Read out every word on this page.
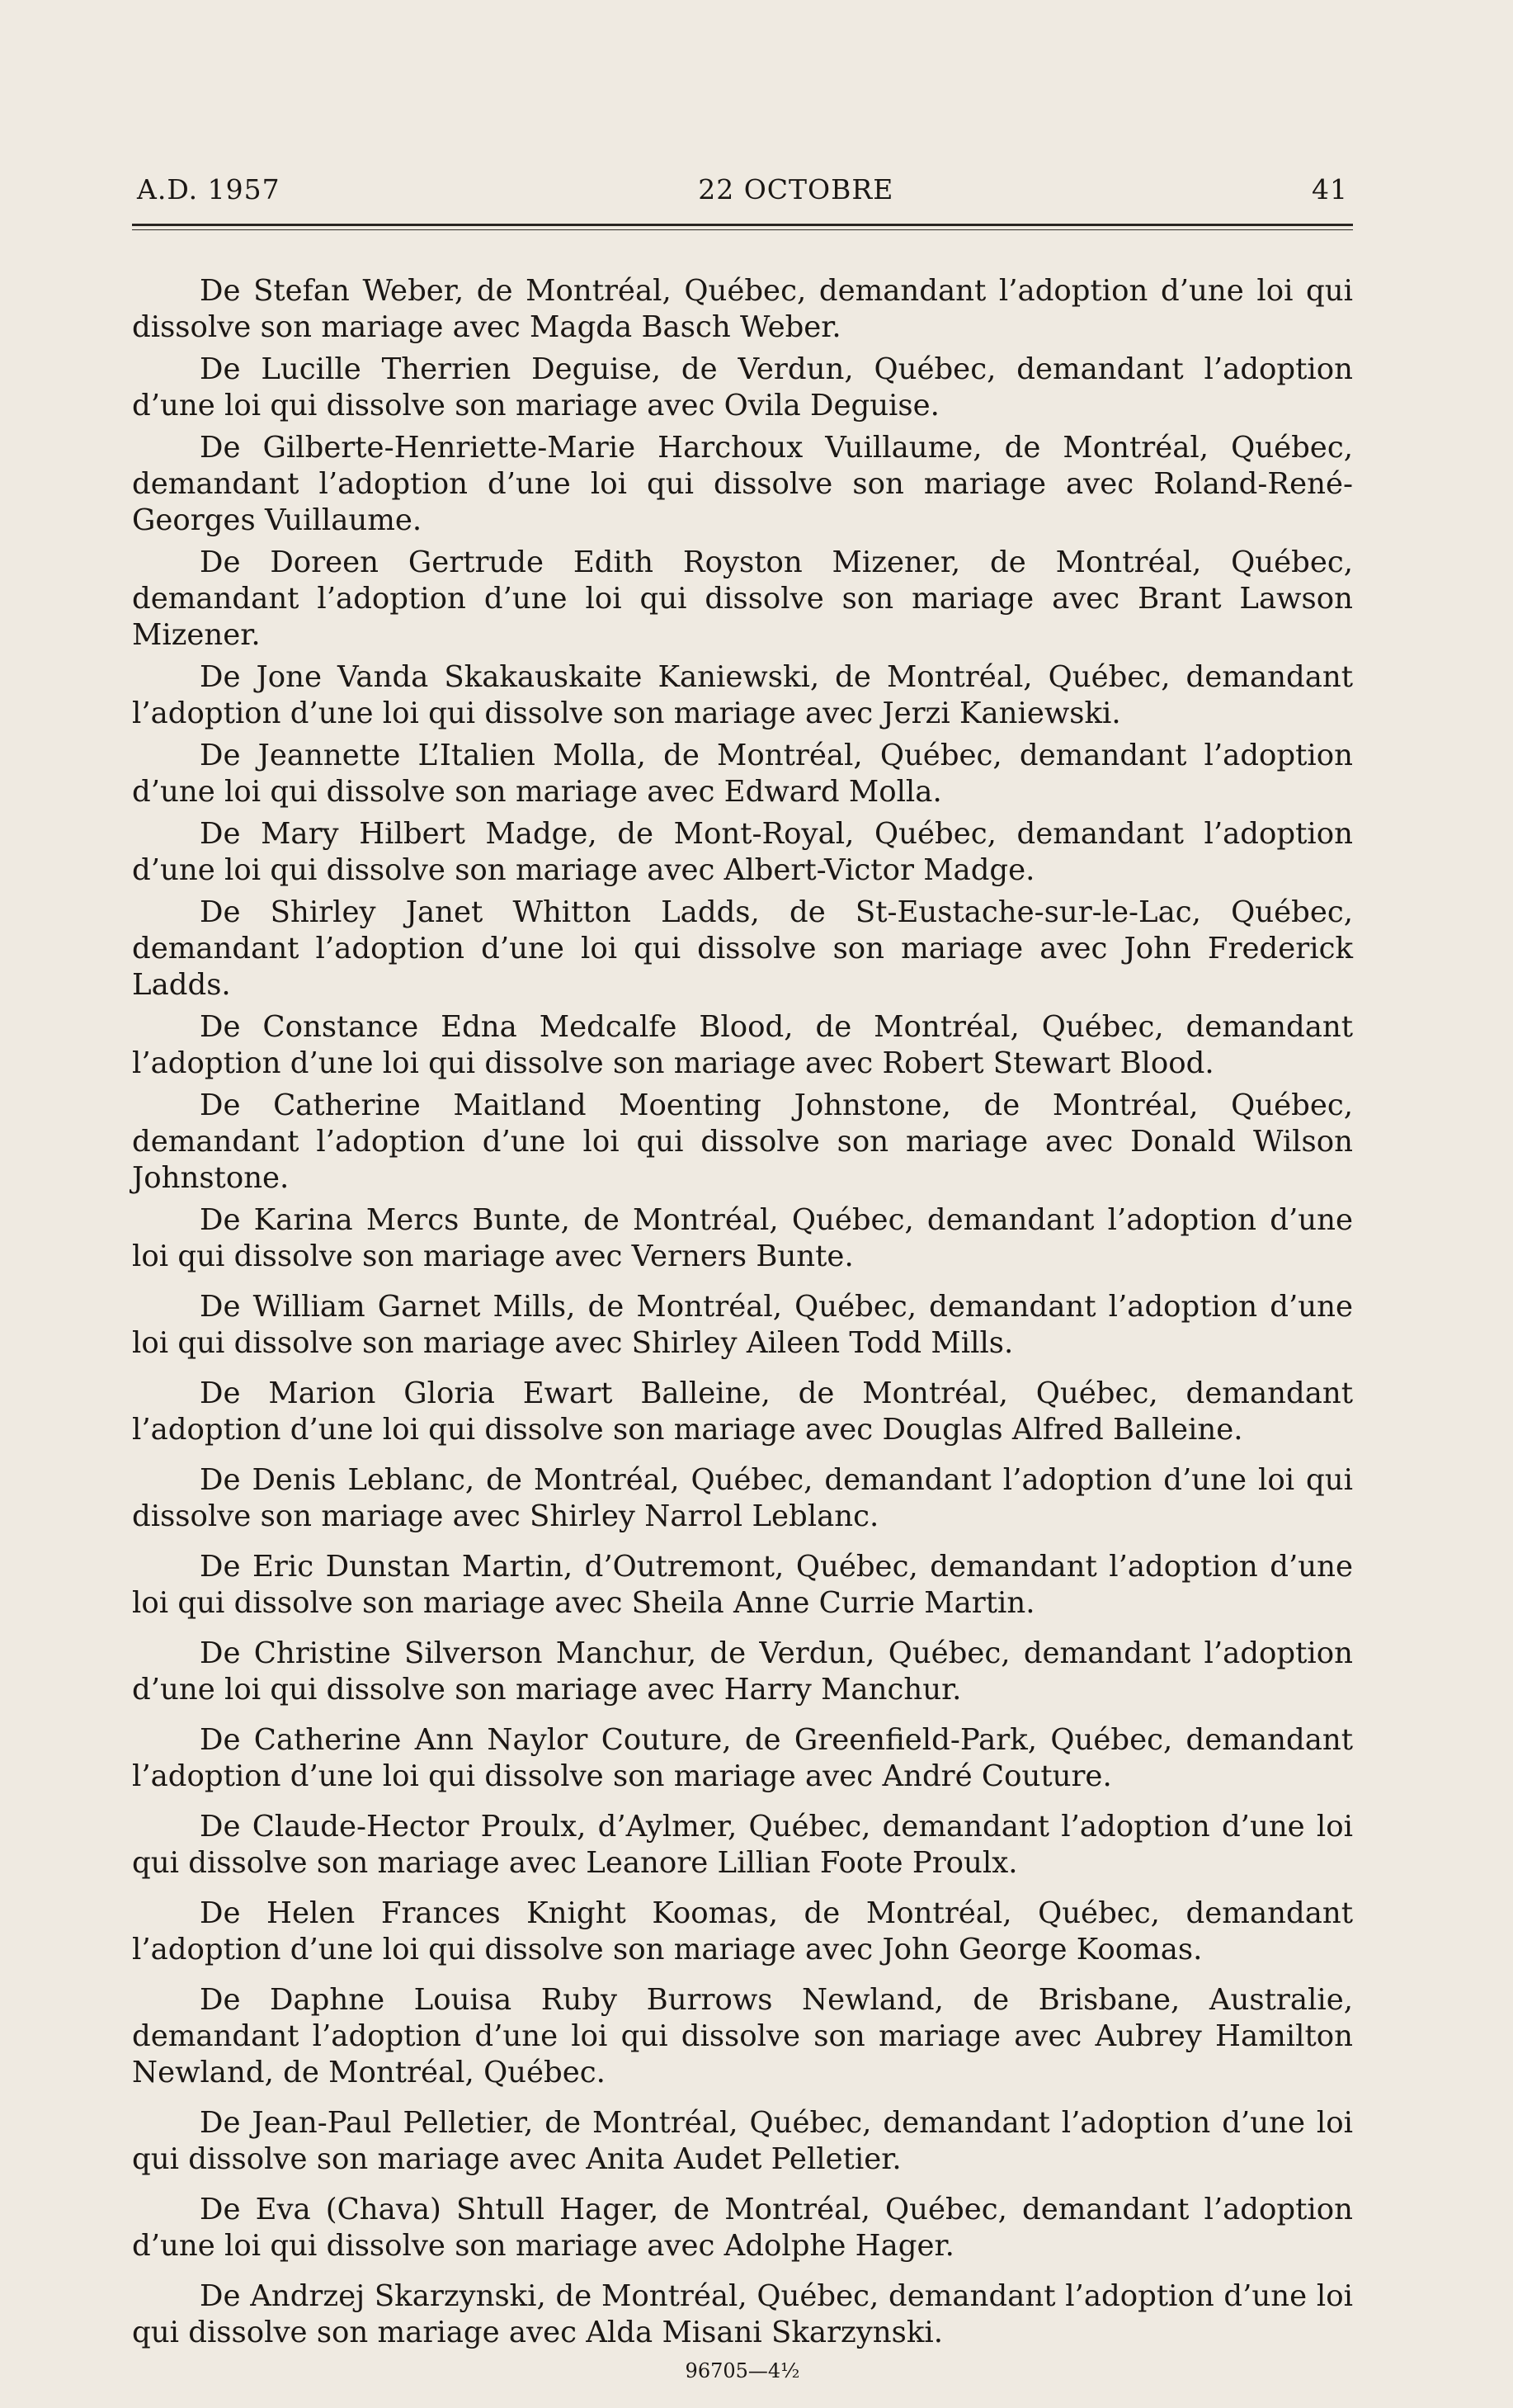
A.D. 1957	22 OCTOBRE	41

De Stefan Weber, de Montréal, Québec, demandant l’adoption d’une loi qui dissolve son mariage avec Magda Basch Weber.

De Lucille Therrien Deguise, de Verdun, Québec, demandant l’adoption d’une loi qui dissolve son mariage avec Ovila Deguise.

De Gilberte-Henriette-Marie Harchoux Vuillaume, de Montréal, Québec, demandant l’adoption d’une loi qui dissolve son mariage avec Roland-René-Georges Vuillaume.

De Doreen Gertrude Edith Royston Mizener, de Montréal, Québec, demandant l’adoption d’une loi qui dissolve son mariage avec Brant Lawson Mizener.

De Jone Vanda Skakauskaite Kaniewski, de Montréal, Québec, demandant l’adoption d’une loi qui dissolve son mariage avec Jerzi Kaniewski.

De Jeannette L’Italien Molla, de Montréal, Québec, demandant l’adoption d’une loi qui dissolve son mariage avec Edward Molla.

De Mary Hilbert Madge, de Mont-Royal, Québec, demandant l’adoption d’une loi qui dissolve son mariage avec Albert-Victor Madge.

De Shirley Janet Whitton Ladds, de St-Eustache-sur-le-Lac, Québec, demandant l’adoption d’une loi qui dissolve son mariage avec John Frederick Ladds.

De Constance Edna Medcalfe Blood, de Montréal, Québec, demandant l’adoption d’une loi qui dissolve son mariage avec Robert Stewart Blood.

De Catherine Maitland Moenting Johnstone, de Montréal, Québec, demandant l’adoption d’une loi qui dissolve son mariage avec Donald Wilson Johnstone.

De Karina Mercs Bunte, de Montréal, Québec, demandant l’adoption d’une loi qui dissolve son mariage avec Verners Bunte.

De William Garnet Mills, de Montréal, Québec, demandant l’adoption d’une loi qui dissolve son mariage avec Shirley Aileen Todd Mills.

De Marion Gloria Ewart Balleine, de Montréal, Québec, demandant l’adoption d’une loi qui dissolve son mariage avec Douglas Alfred Balleine.

De Denis Leblanc, de Montréal, Québec, demandant l’adoption d’une loi qui dissolve son mariage avec Shirley Narrol Leblanc.

De Eric Dunstan Martin, d’Outremont, Québec, demandant l’adoption d’une loi qui dissolve son mariage avec Sheila Anne Currie Martin.

De Christine Silverson Manchur, de Verdun, Québec, demandant l’adoption d’une loi qui dissolve son mariage avec Harry Manchur.

De Catherine Ann Naylor Couture, de Greenfield-Park, Québec, demandant l’adoption d’une loi qui dissolve son mariage avec André Couture.

De Claude-Hector Proulx, d’Aylmer, Québec, demandant l’adoption d’une loi qui dissolve son mariage avec Leanore Lillian Foote Proulx.

De Helen Frances Knight Koomas, de Montréal, Québec, demandant l’adoption d’une loi qui dissolve son mariage avec John George Koomas.

De Daphne Louisa Ruby Burrows Newland, de Brisbane, Australie, demandant l’adoption d’une loi qui dissolve son mariage avec Aubrey Hamilton Newland, de Montréal, Québec.

De Jean-Paul Pelletier, de Montréal, Québec, demandant l’adoption d’une loi qui dissolve son mariage avec Anita Audet Pelletier.

De Eva (Chava) Shtull Hager, de Montréal, Québec, demandant l’adoption d’une loi qui dissolve son mariage avec Adolphe Hager.

De Andrzej Skarzynski, de Montréal, Québec, demandant l’adoption d’une loi qui dissolve son mariage avec Alda Misani Skarzynski.

96705—4½
